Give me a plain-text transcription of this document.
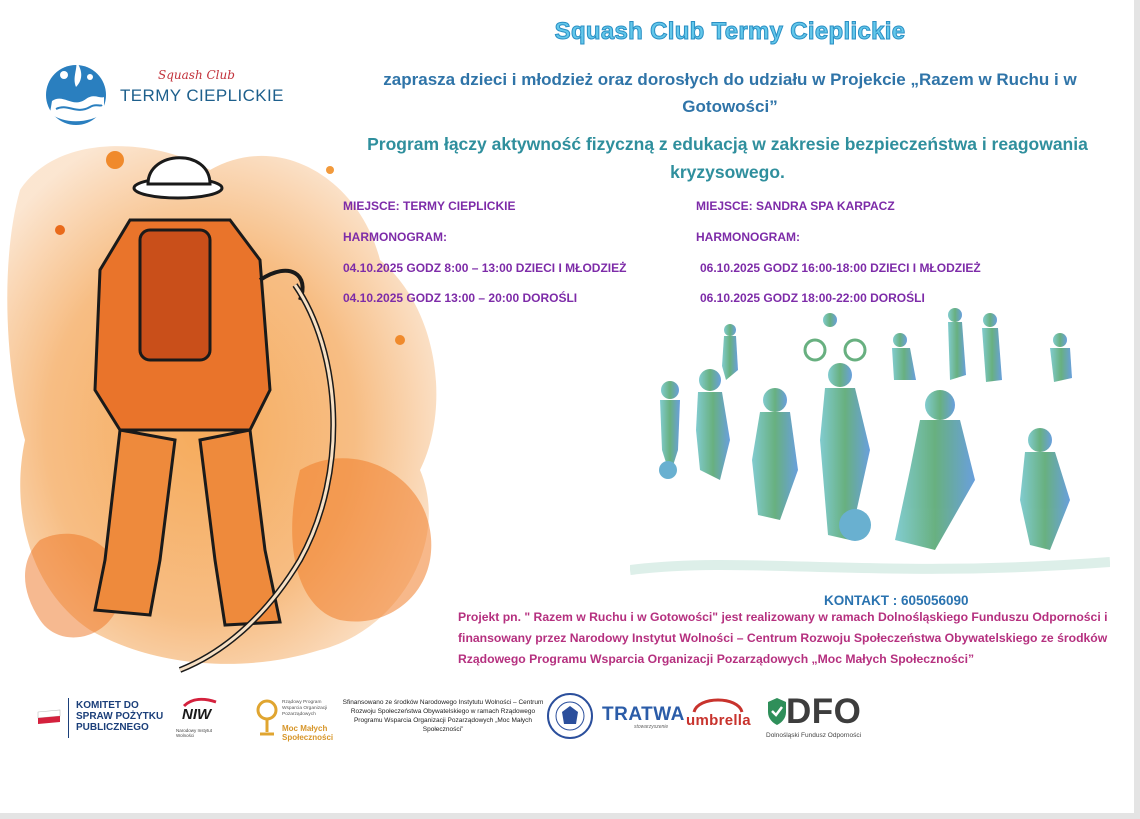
Squash Club
TERMY CIEPLICKIE
Squash Club Termy Cieplickie
zaprasza dzieci i młodzież oraz dorosłych do udziału w Projekcie „Razem w Ruchu i w Gotowości”
Program łączy aktywność fizyczną z edukacją w zakresie bezpieczeństwa i reagowania kryzysowego.
MIEJSCE: TERMY CIEPLICKIE
HARMONOGRAM:
04.10.2025 GODZ 8:00 – 13:00 DZIECI I MŁODZIEŻ
04.10.2025 GODZ 13:00 – 20:00 DOROŚLI
MIEJSCE: SANDRA SPA KARPACZ
HARMONOGRAM:
06.10.2025 GODZ 16:00-18:00 DZIECI I MŁODZIEŻ
06.10.2025 GODZ 18:00-22:00 DOROŚLI
KONTAKT : 605056090
Projekt pn. " Razem w Ruchu i w Gotowości" jest realizowany w ramach Dolnośląskiego Funduszu Odporności i finansowany przez Narodowy Instytut Wolności – Centrum Rozwoju Społeczeństwa Obywatelskiego ze środków Rządowego Programu Wsparcia Organizacji Pozarządowych „Moc Małych Społeczności”
KOMITET DO SPRAW POŻYTKU PUBLICZNEGO
NIW
Narodowy Instytut Wolności
Rządowy Program Wsparcia Organizacji Pozarządowych
Moc Małych Społeczności
Sfinansowano ze środków Narodowego Instytutu Wolności – Centrum Rozwoju Społeczeństwa Obywatelskiego w ramach Rządowego Programu Wsparcia Organizacji Pozarządowych „Moc Małych Społeczności”
TRATWA
stowarzyszenie umbrella DFO
Dolnośląski Fundusz Odporności
